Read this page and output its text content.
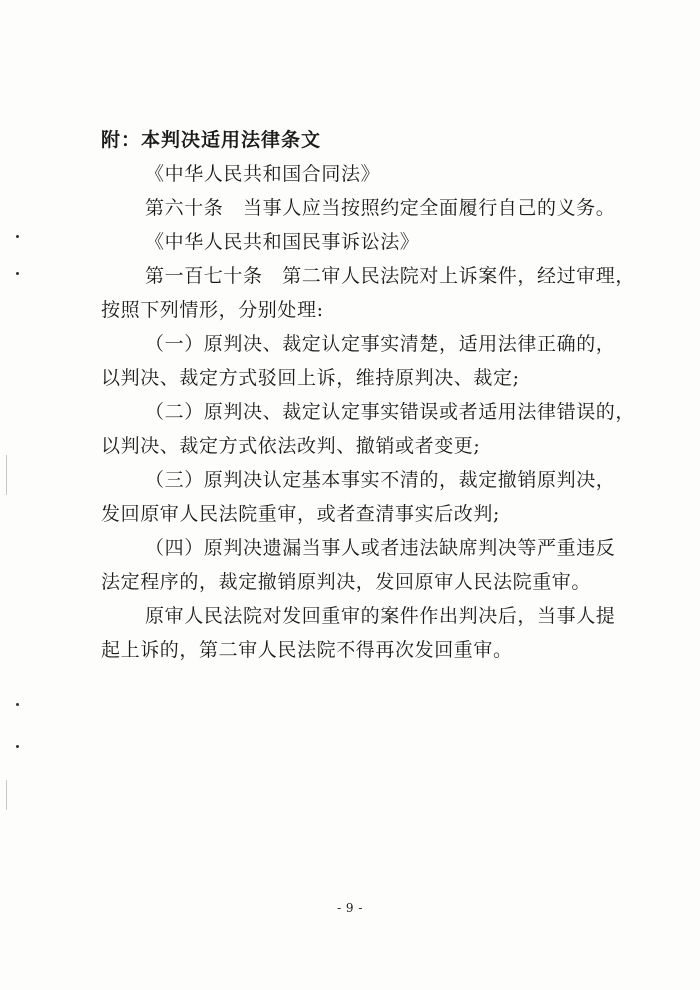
附：本判决适用法律条文
《中华人民共和国合同法》
第六十条　当事人应当按照约定全面履行自己的义务。
《中华人民共和国民事诉讼法》
第一百七十条　第二审人民法院对上诉案件，经过审理，
按照下列情形，分别处理:
（一）原判决、裁定认定事实清楚，适用法律正确的，
以判决、裁定方式驳回上诉，维持原判决、裁定;
（二）原判决、裁定认定事实错误或者适用法律错误的，
以判决、裁定方式依法改判、撤销或者变更;
（三）原判决认定基本事实不清的，裁定撤销原判决，
发回原审人民法院重审，或者查清事实后改判;
（四）原判决遗漏当事人或者违法缺席判决等严重违反
法定程序的，裁定撤销原判决，发回原审人民法院重审。
原审人民法院对发回重审的案件作出判决后，当事人提
起上诉的，第二审人民法院不得再次发回重审。
- 9 -
